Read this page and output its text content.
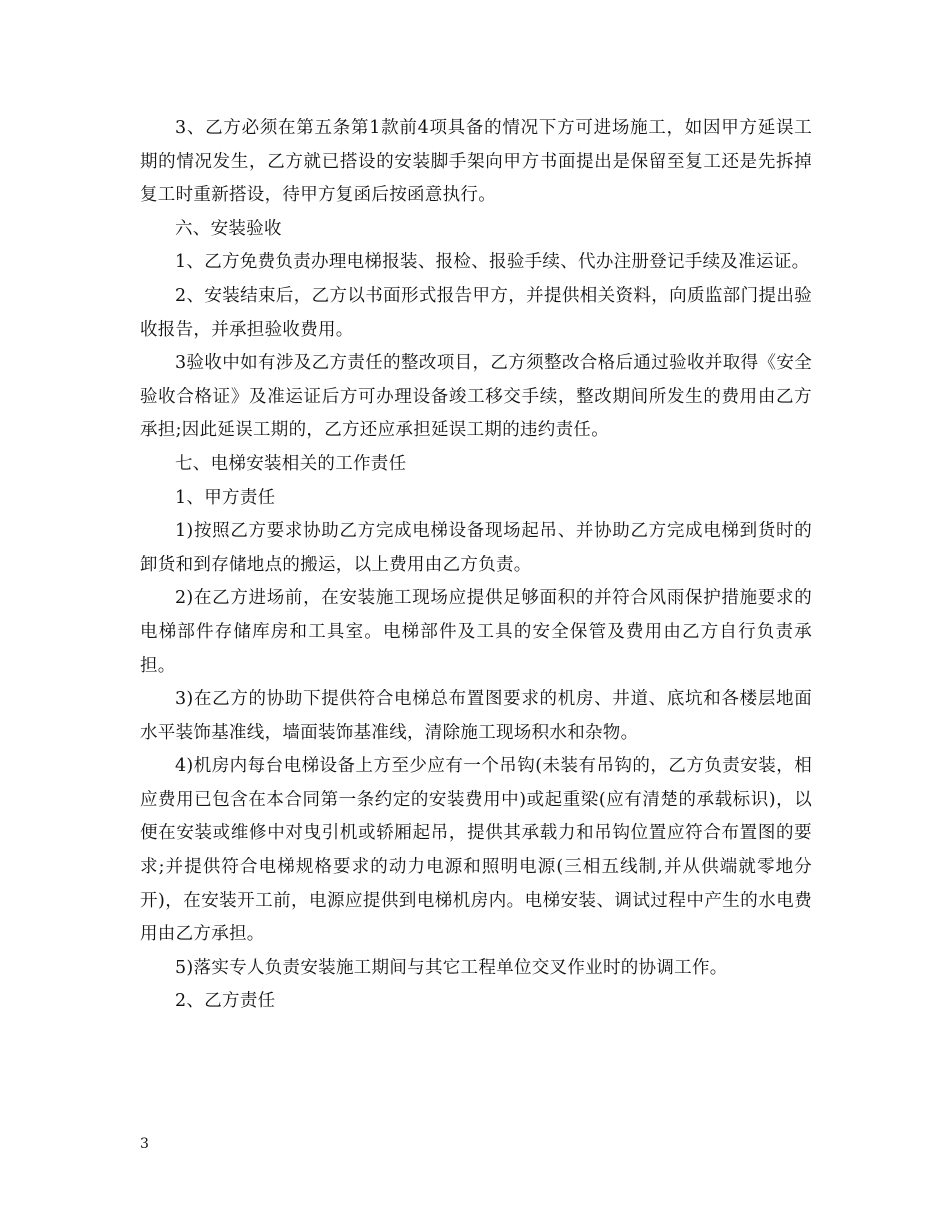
3、乙方必须在第五条第1款前4项具备的情况下方可进场施工，如因甲方延误工期的情况发生，乙方就已搭设的安装脚手架向甲方书面提出是保留至复工还是先拆掉复工时重新搭设，待甲方复函后按函意执行。

六、安装验收

1、乙方免费负责办理电梯报装、报检、报验手续、代办注册登记手续及准运证。

2、安装结束后，乙方以书面形式报告甲方，并提供相关资料，向质监部门提出验收报告，并承担验收费用。

3验收中如有涉及乙方责任的整改项目，乙方须整改合格后通过验收并取得《安全验收合格证》及准运证后方可办理设备竣工移交手续，整改期间所发生的费用由乙方承担;因此延误工期的，乙方还应承担延误工期的违约责任。

七、电梯安装相关的工作责任

1、甲方责任

1)按照乙方要求协助乙方完成电梯设备现场起吊、并协助乙方完成电梯到货时的卸货和到存储地点的搬运，以上费用由乙方负责。

2)在乙方进场前，在安装施工现场应提供足够面积的并符合风雨保护措施要求的电梯部件存储库房和工具室。电梯部件及工具的安全保管及费用由乙方自行负责承担。

3)在乙方的协助下提供符合电梯总布置图要求的机房、井道、底坑和各楼层地面水平装饰基准线，墙面装饰基准线，清除施工现场积水和杂物。

4)机房内每台电梯设备上方至少应有一个吊钩(未装有吊钩的，乙方负责安装，相应费用已包含在本合同第一条约定的安装费用中)或起重梁(应有清楚的承载标识)，以便在安装或维修中对曳引机或轿厢起吊，提供其承载力和吊钩位置应符合布置图的要求;并提供符合电梯规格要求的动力电源和照明电源(三相五线制,并从供端就零地分开)，在安装开工前，电源应提供到电梯机房内。电梯安装、调试过程中产生的水电费用由乙方承担。

5)落实专人负责安装施工期间与其它工程单位交叉作业时的协调工作。

2、乙方责任

3
